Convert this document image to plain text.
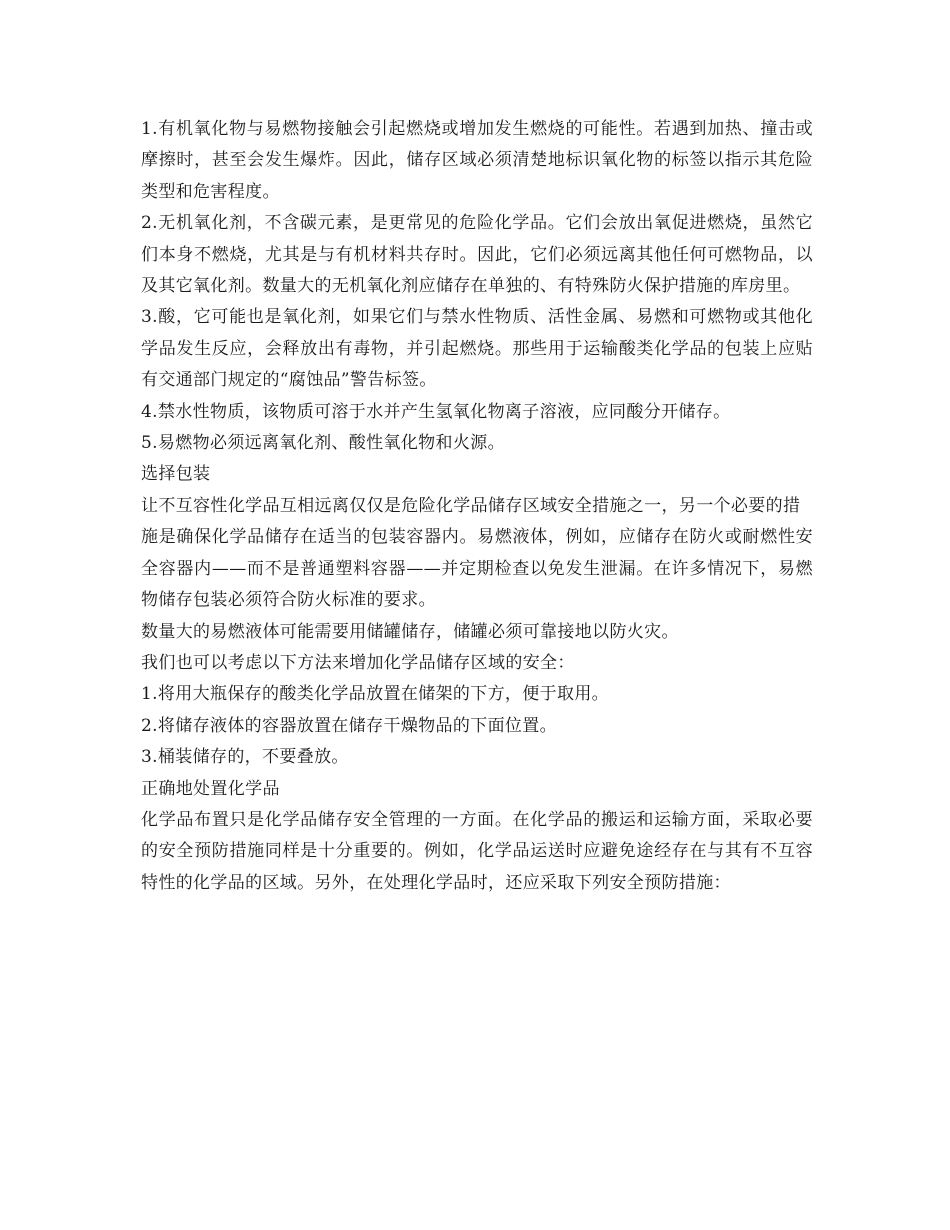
1.有机氧化物与易燃物接触会引起燃烧或增加发生燃烧的可能性。若遇到加热、撞击或摩擦时，甚至会发生爆炸。因此，储存区域必须清楚地标识氧化物的标签以指示其危险类型和危害程度。

2.无机氧化剂，不含碳元素，是更常见的危险化学品。它们会放出氧促进燃烧，虽然它们本身不燃烧，尤其是与有机材料共存时。因此，它们必须远离其他任何可燃物品，以及其它氧化剂。数量大的无机氧化剂应储存在单独的、有特殊防火保护措施的库房里。

3.酸，它可能也是氧化剂，如果它们与禁水性物质、活性金属、易燃和可燃物或其他化学品发生反应，会释放出有毒物，并引起燃烧。那些用于运输酸类化学品的包装上应贴有交通部门规定的“腐蚀品”警告标签。

4.禁水性物质，该物质可溶于水并产生氢氧化物离子溶液，应同酸分开储存。

5.易燃物必须远离氧化剂、酸性氧化物和火源。

选择包装

让不互容性化学品互相远离仅仅是危险化学品储存区域安全措施之一，另一个必要的措

施是确保化学品储存在适当的包装容器内。易燃液体，例如，应储存在防火或耐燃性安全容器内——而不是普通塑料容器——并定期检查以免发生泄漏。在许多情况下，易燃物储存包装必须符合防火标准的要求。

数量大的易燃液体可能需要用储罐储存，储罐必须可靠接地以防火灾。

我们也可以考虑以下方法来增加化学品储存区域的安全：

1.将用大瓶保存的酸类化学品放置在储架的下方，便于取用。

2.将储存液体的容器放置在储存干燥物品的下面位置。

3.桶装储存的，不要叠放。

正确地处置化学品

化学品布置只是化学品储存安全管理的一方面。在化学品的搬运和运输方面，采取必要的安全预防措施同样是十分重要的。例如，化学品运送时应避免途经存在与其有不互容特性的化学品的区域。另外，在处理化学品时，还应采取下列安全预防措施：
